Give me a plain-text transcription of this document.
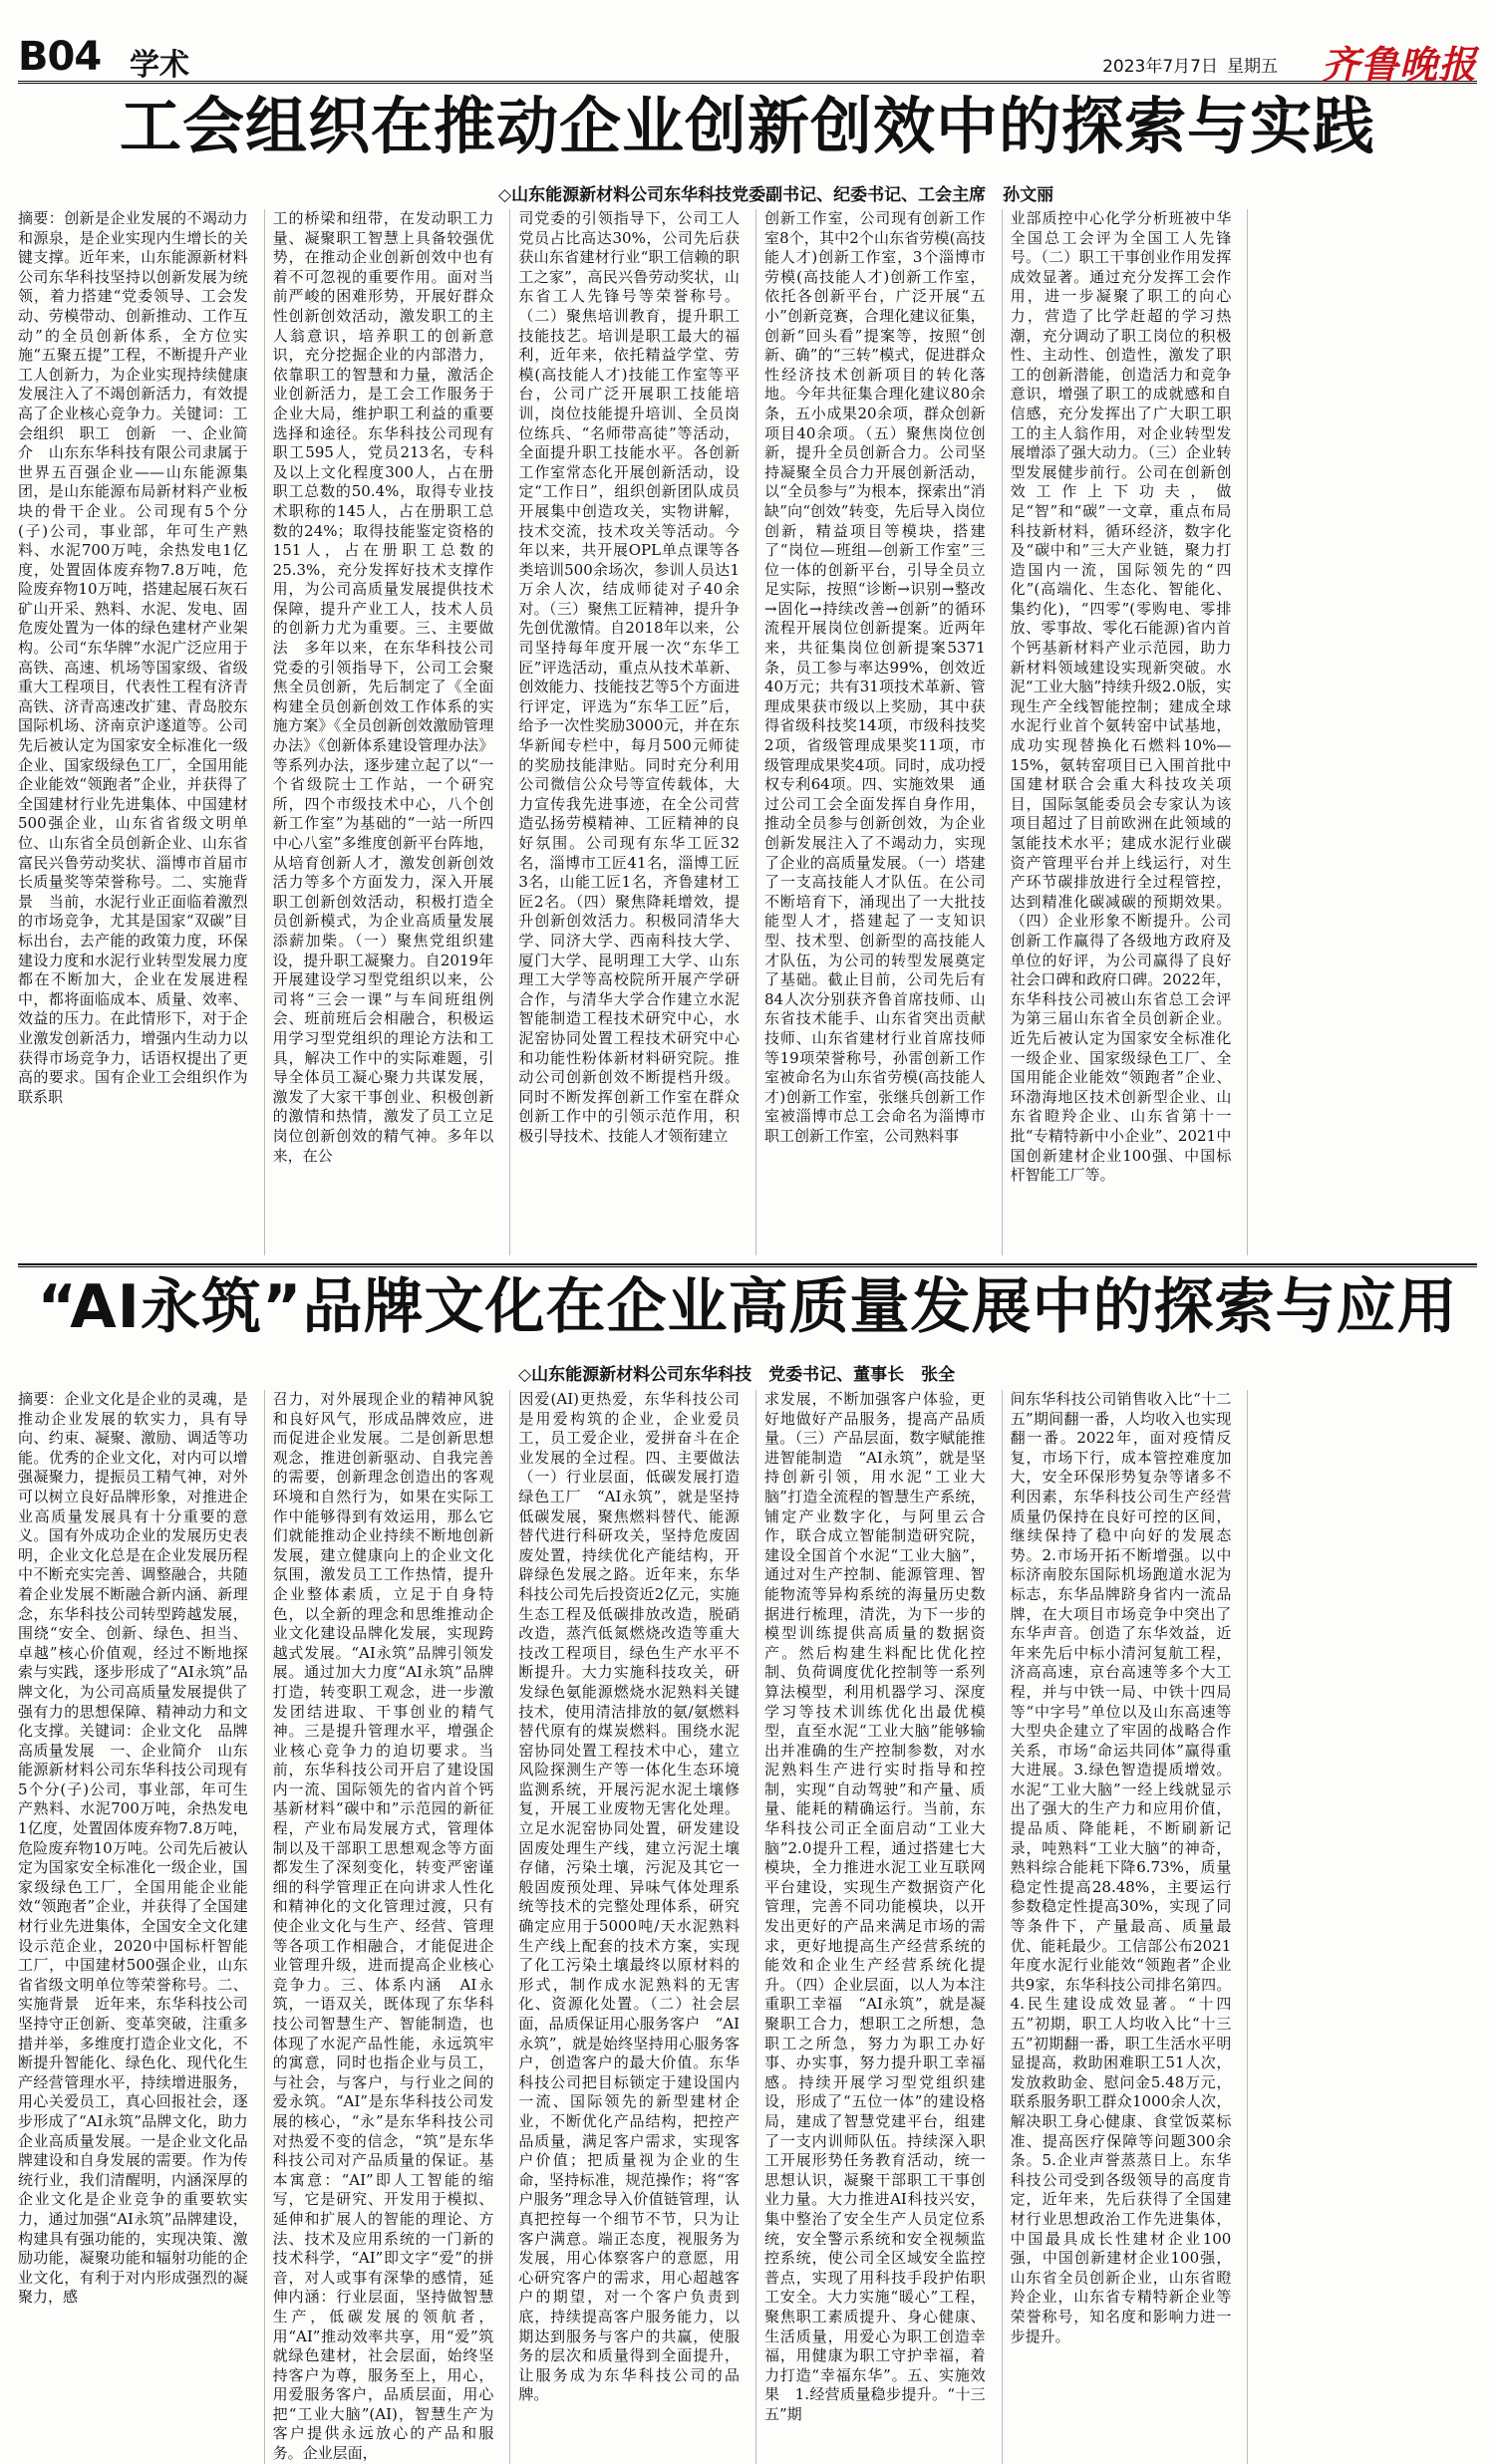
B04 学术	2023年7月7日 星期五 齐鲁晚报
工会组织在推动企业创新创效中的探索与实践
◇山东能源新材料公司东华科技党委副书记、纪委书记、工会主席　孙文丽
摘要：创新是企业发展的不竭动力和源泉，是企业实现内生增长的关键支撑。近年来，山东能源新材料公司东华科技坚持以创新发展为统领，着力搭建“党委领导、工会发动、劳模带动、创新推动、工作互动”的全员创新体系，全方位实施“五聚五提”工程，不断提升产业工人创新力，为企业实现持续健康发展注入了不竭创新活力，有效提高了企业核心竞争力。关键词：工会组织　职工　创新　一、企业简介　山东东华科技有限公司隶属于世界五百强企业——山东能源集团，是山东能源布局新材料产业板块的骨干企业。公司现有5个分(子)公司，事业部，年可生产熟料、水泥700万吨，余热发电1亿度，处置固体废弃物7.8万吨，危险废弃物10万吨，搭建起展石灰石矿山开采、熟料、水泥、发电、固危废处置为一体的绿色建材产业架构。公司“东华牌”水泥广泛应用于高铁、高速、机场等国家级、省级重大工程项目，代表性工程有济青高铁、济青高速改扩建、青岛胶东国际机场、济南京沪遂道等。公司先后被认定为国家安全标准化一级企业、国家级绿色工厂，全国用能企业能效“领跑者”企业，并获得了全国建材行业先进集体、中国建材500强企业，山东省省级文明单位、山东省全员创新企业、山东省富民兴鲁劳动奖状、淄博市首届市长质量奖等荣誉称号。二、实施背景　当前，水泥行业正面临着激烈的市场竞争，尤其是国家“双碳”目标出台，去产能的政策力度，环保建设力度和水泥行业转型发展力度都在不断加大，企业在发展进程中，都将面临成本、质量、效率、效益的压力。在此情形下，对于企业激发创新活力，增强内生动力以获得市场竞争力，话语权提出了更高的要求。国有企业工会组织作为联系职
工的桥梁和纽带，在发动职工力量、凝聚职工智慧上具备较强优势，在推动企业创新创效中也有着不可忽视的重要作用。面对当前严峻的困难形势，开展好群众性创新创效活动，激发职工的主人翁意识，培养职工的创新意识，充分挖掘企业的内部潜力，依靠职工的智慧和力量，激活企业创新活力，是工会工作服务于企业大局，维护职工利益的重要选择和途径。东华科技公司现有职工595人，党员213名，专科及以上文化程度300人，占在册职工总数的50.4%，取得专业技术职称的145人，占在册职工总数的24%；取得技能鉴定资格的151人，占在册职工总数的25.3%，充分发挥好技术支撑作用，为公司高质量发展提供技术保障，提升产业工人，技术人员的创新力尤为重要。三、主要做法　多年以来，在东华科技公司党委的引领指导下，公司工会聚焦全员创新，先后制定了《全面构建全员创新创效工作体系的实施方案》《全员创新创效激励管理办法》《创新体系建设管理办法》等系列办法，逐步建立起了以“一个省级院士工作站，一个研究所，四个市级技术中心，八个创新工作室”为基础的“一站一所四中心八室”多维度创新平台阵地，从培育创新人才，激发创新创效活力等多个方面发力，深入开展职工创新创效活动，积极打造全员创新模式，为企业高质量发展添薪加柴。（一）聚焦党组织建设，提升职工凝聚力。自2019年开展建设学习型党组织以来，公司将“三会一课”与车间班组例会、班前班后会相融合，积极运用学习型党组织的理论方法和工具，解决工作中的实际难题，引导全体员工凝心聚力共谋发展，激发了大家干事创业、积极创新的激情和热情，激发了员工立足岗位创新创效的精气神。多年以来，在公
司党委的引领指导下，公司工人党员占比高达30%，公司先后获获山东省建材行业“职工信赖的职工之家”，高民兴鲁劳动奖状，山东省工人先锋号等荣誉称号。（二）聚焦培训教育，提升职工技能技艺。培训是职工最大的福利，近年来，依托精益学堂、劳模(高技能人才)技能工作室等平台，公司广泛开展职工技能培训，岗位技能提升培训、全员岗位练兵、“名师带高徒”等活动，全面提升职工技能水平。各创新工作室常态化开展创新活动，设定“工作日”，组织创新团队成员开展集中创造攻关，实物讲解，技术交流，技术攻关等活动。今年以来，共开展OPL单点课等各类培训500余场次，参训人员达1万余人次，结成师徒对子40余对。（三）聚焦工匠精神，提升争先创优激情。自2018年以来，公司坚持每年度开展一次“东华工匠”评选活动，重点从技术革新、创效能力、技能技艺等5个方面进行评定，评选为“东华工匠”后，给予一次性奖励3000元，并在东华新闻专栏中，每月500元师徒的奖励技能津贴。同时充分利用公司微信公众号等宣传载体，大力宣传我先进事迹，在全公司营造弘扬劳模精神、工匠精神的良好氛围。公司现有东华工匠32名，淄博市工匠41名，淄博工匠3名，山能工匠1名，齐鲁建材工匠2名。（四）聚焦降耗增效，提升创新创效活力。积极同清华大学、同济大学、西南科技大学、厦门大学、昆明理工大学、山东理工大学等高校院所开展产学研合作，与清华大学合作建立水泥智能制造工程技术研究中心，水泥窑协同处置工程技术研究中心和功能性粉体新材料研究院。推动公司创新创效不断提档升级。同时不断发挥创新工作室在群众创新工作中的引领示范作用，积极引导技术、技能人才领衔建立
创新工作室，公司现有创新工作室8个，其中2个山东省劳模(高技能人才)创新工作室，3个淄博市劳模(高技能人才)创新工作室，依托各创新平台，广泛开展“五小”创新竞赛，合理化建议征集，创新“回头看”提案等，按照“创新、确”的“三转”模式，促进群众性经济技术创新项目的转化落地。今年共征集合理化建议80余条，五小成果20余项，群众创新项目40余项。（五）聚焦岗位创新，提升全员创新合力。公司坚持凝聚全员合力开展创新活动，以“全员参与”为根本，探索出“消缺”向“创效”转变，先后导入岗位创新，精益项目等模块，搭建了“岗位—班组—创新工作室”三位一体的创新平台，引导全员立足实际，按照“诊断→识别→整改→固化→持续改善→创新”的循环流程开展岗位创新提案。近两年来，共征集岗位创新提案5371条，员工参与率达99%，创效近40万元；共有31项技术革新、管理成果获市级以上奖励，其中获得省级科技奖14项，市级科技奖2项，省级管理成果奖11项，市级管理成果奖4项。同时，成功授权专利64项。四、实施效果　通过公司工会全面发挥自身作用，推动全员参与创新创效，为企业创新发展注入了不竭动力，实现了企业的高质量发展。（一）塔建了一支高技能人才队伍。在公司不断培育下，涌现出了一大批技能型人才，搭建起了一支知识型、技术型、创新型的高技能人才队伍，为公司的转型发展奠定了基础。截止目前，公司先后有84人次分别获齐鲁首席技师、山东省技术能手、山东省突出贡献技师、山东省建材行业首席技师等19项荣誉称号，孙雷创新工作室被命名为山东省劳模(高技能人才)创新工作室，张继兵创新工作室被淄博市总工会命名为淄博市职工创新工作室，公司熟料事
业部质控中心化学分析班被中华全国总工会评为全国工人先锋号。（二）职工干事创业作用发挥成效显著。通过充分发挥工会作用，进一步凝聚了职工的向心力，营造了比学赶超的学习热潮，充分调动了职工岗位的积极性、主动性、创造性，激发了职工的创新潜能，创造活力和竞争意识，增强了职工的成就感和自信感，充分发挥出了广大职工职工的主人翁作用，对企业转型发展增添了强大动力。（三）企业转型发展健步前行。公司在创新创效工作上下功夫，做足“智”和“碳”一文章，重点布局科技新材料，循环经济，数字化及“碳中和”三大产业链，聚力打造国内一流，国际领先的“四化”(高端化、生态化、智能化、集约化)，“四零”(零购电、零排放、零事故、零化石能源)省内首个钙基新材料产业示范园，助力新材料领域建设实现新突破。水泥“工业大脑”持续升级2.0版，实现生产全线智能控制；建成全球水泥行业首个氨转窑中试基地，成功实现替换化石燃料10%—15%，氨转窑项目已入围首批中国建材联合会重大科技攻关项目，国际氢能委员会专家认为该项目超过了目前欧洲在此领域的氢能技术水平；建成水泥行业碳资产管理平台并上线运行，对生产环节碳排放进行全过程管控，达到精准化碳减碳的预期效果。（四）企业形象不断提升。公司创新工作赢得了各级地方政府及单位的好评，为公司赢得了良好社会口碑和政府口碑。2022年，东华科技公司被山东省总工会评为第三届山东省全员创新企业。近先后被认定为国家安全标准化一级企业、国家级绿色工厂、全国用能企业能效“领跑者”企业、环渤海地区技术创新型企业、山东省瞪羚企业、山东省第十一批“专精特新中小企业”、2021中国创新建材企业100强、中国标杆智能工厂等。
“AI永筑”品牌文化在企业高质量发展中的探索与应用
◇山东能源新材料公司东华科技　党委书记、董事长　张全
摘要：企业文化是企业的灵魂，是推动企业发展的软实力，具有导向、约束、凝聚、激励、调适等功能。优秀的企业文化，对内可以增强凝聚力，提振员工精气神，对外可以树立良好品牌形象，对推进企业高质量发展具有十分重要的意义。国有外成功企业的发展历史表明，企业文化总是在企业发展历程中不断充实完善、调整融合，共随着企业发展不断融合新内涵、新理念，东华科技公司转型跨越发展，围绕“安全、创新、绿色、担当、卓越”核心价值观，经过不断地探索与实践，逐步形成了“AI永筑”品牌文化，为公司高质量发展提供了强有力的思想保障、精神动力和文化支撑。关键词：企业文化　品牌　高质量发展　一、企业简介　山东能源新材料公司东华科技公司现有5个分(子)公司，事业部，年可生产熟料、水泥700万吨，余热发电1亿度，处置固体废弃物7.8万吨，危险废弃物10万吨。公司先后被认定为国家安全标准化一级企业，国家级绿色工厂，全国用能企业能效“领跑者”企业，并获得了全国建材行业先进集体，全国安全文化建设示范企业，2020中国标杆智能工厂，中国建材500强企业，山东省省级文明单位等荣誉称号。二、实施背景　近年来，东华科技公司坚持守正创新、变革突破，注重多措并举，多维度打造企业文化，不断提升智能化、绿色化、现代化生产经营管理水平，持续增进服务，用心关爱员工，真心回报社会，逐步形成了“AI永筑”品牌文化，助力企业高质量发展。一是企业文化品牌建设和自身发展的需要。作为传统行业，我们清醒明，内涵深厚的企业文化是企业竞争的重要软实力，通过加强“AI永筑”品牌建设，构建具有强功能的，实现决策、激励功能，凝聚功能和辐射功能的企业文化，有利于对内形成强烈的凝聚力，感
召力，对外展现企业的精神风貌和良好风气，形成品牌效应，进而促进企业发展。二是创新思想观念，推进创新驱动、自我完善的需要，创新理念创造出的客观环境和自然行为，如果在实际工作中能够得到有效运用，那么它们就能推动企业持续不断地创新发展，建立健康向上的企业文化氛围，激发员工工作热情，提升企业整体素质，立足于自身特色，以全新的理念和思维推动企业文化建设品牌化发展，实现跨越式发展。“AI永筑”品牌引领发展。通过加大力度“AI永筑”品牌打造，转变职工观念，进一步激发团结进取、干事创业的精气神。三是提升管理水平，增强企业核心竞争力的迫切要求。当前，东华科技公司开启了建设国内一流、国际领先的省内首个钙基新材料“碳中和”示范园的新征程，产业布局发展方式，管理体制以及干部职工思想观念等方面都发生了深刻变化，转变严密谨细的科学管理正在向讲求人性化和精神化的文化管理过渡，只有使企业文化与生产、经营、管理等各项工作相融合，才能促进企业管理升级，进而提高企业核心竞争力。三、体系内涵　AI永筑，一语双关，既体现了东华科技公司智慧生产、智能制造，也体现了水泥产品性能，永远筑牢的寓意，同时也指企业与员工，与社会，与客户，与行业之间的爱永筑。“AI”是东华科技公司发展的核心，“永”是东华科技公司对热爱不变的信念，“筑”是东华科技公司对产品质量的保证。基本寓意：“AI”即人工智能的缩写，它是研究、开发用于模拟、延伸和扩展人的智能的理论、方法、技术及应用系统的一门新的技术科学，“AI”即文字“爱”的拼音，对人或事有深挚的感情，延伸内涵：行业层面，坚持做智慧生产，低碳发展的领航者，用“AI”推动效率共享，用“爱”筑就绿色建材，社会层面，始终坚持客户为尊，服务至上，用心，用爱服务客户，品质层面，用心把“工业大脑”(AI)，智慧生产为客户提供永远放心的产品和服务。企业层面，
因爱(AI)更热爱，东华科技公司是用爱构筑的企业，企业爱员工，员工爱企业，爱拼奋斗在企业发展的全过程。四、主要做法　（一）行业层面，低碳发展打造绿色工厂　“AI永筑”，就是坚持低碳发展，聚焦燃料替代、能源替代进行科研攻关，坚持危废固废处置，持续优化产能结构，开辟绿色发展之路。近年来，东华科技公司先后投资近2亿元，实施生态工程及低碳排放改造，脱硝改造，蒸汽低氮燃烧改造等重大技改工程项目，绿色生产水平不断提升。大力实施科技攻关，研发绿色氨能源燃烧水泥熟料关键技术，使用清洁排放的氨/氨燃料替代原有的煤炭燃料。围绕水泥窑协同处置工程技术中心，建立风险探测生产等一体化生态环境监测系统，开展污泥水泥土壤修复，开展工业废物无害化处理。立足水泥窑协同处置，研发建设固废处理生产线，建立污泥土壤存储，污染土壤，污泥及其它一般固废预处理、异味气体处理系统等技术的完整处理体系，研究确定应用于5000吨/天水泥熟料生产线上配套的技术方案，实现了化工污染土壤最终以原材料的形式，制作成水泥熟料的无害化、资源化处置。（二）社会层面，品质保证用心服务客户　“AI永筑”，就是始终坚持用心服务客户，创造客户的最大价值。东华科技公司把目标锁定于建设国内一流、国际领先的新型建材企业，不断优化产品结构，把控产品质量，满足客户需求，实现客户价值；把质量视为企业的生命，坚持标准，规范操作；将“客户服务”理念导入价值链管理，认真把控每一个细节不节，只为让客户满意。端正态度，视服务为发展，用心体察客户的意愿，用心研究客户的需求，用心超越客户的期望，对一个客户负责到底，持续提高客户服务能力，以期达到服务与客户的共赢，使服务的层次和质量得到全面提升，让服务成为东华科技公司的品牌。
求发展，不断加强客户体验，更好地做好产品服务，提高产品质量。（三）产品层面，数字赋能推进智能制造　“AI永筑”，就是坚持创新引领，用水泥“工业大脑”打造全流程的智慧生产系统，铺定产业数字化，与阿里云合作，联合成立智能制造研究院，建设全国首个水泥“工业大脑”，通过对生产控制、能源管理、智能物流等异构系统的海量历史数据进行梳理，清洗，为下一步的模型训练提供高质量的数据资产。然后构建生料配比优化控制、负荷调度优化控制等一系列算法模型，利用机器学习、深度学习等技术训练优化出最优模型，直至水泥“工业大脑”能够输出并准确的生产控制参数，对水泥熟料生产进行实时指导和控制，实现“自动驾驶”和产量、质量、能耗的精确运行。当前，东华科技公司正全面启动“工业大脑”2.0提升工程，通过搭建七大模块，全力推进水泥工业互联网平台建设，实现生产数据资产化管理，完善不同功能模块，以开发出更好的产品来满足市场的需求，更好地提高生产经营系统的能效和企业生产经营系统化提升。（四）企业层面，以人为本注重职工幸福　“AI永筑”，就是凝聚职工合力，想职工之所想，急职工之所急，努力为职工办好事、办实事，努力提升职工幸福感。持续开展学习型党组织建设，形成了“五位一体”的建设格局，建成了智慧党建平台，组建了一支内训师队伍。持续深入职工开展形势任务教育活动，统一思想认识，凝聚干部职工干事创业力量。大力推进AI科技兴安，集中整治了安全生产人员定位系统，安全警示系统和安全视频监控系统，使公司全区域安全监控普点，实现了用科技手段护佑职工安全。大力实施“暖心”工程，聚焦职工素质提升、身心健康、生活质量，用爱心为职工创造幸福，用健康为职工守护幸福，着力打造“幸福东华”。五、实施效果　1.经营质量稳步提升。“十三五”期
间东华科技公司销售收入比“十二五”期间翻一番，人均收入也实现翻一番。2022年，面对疫情反复，市场下行，成本管控难度加大，安全环保形势复杂等诸多不利因素，东华科技公司生产经营质量仍保持在良好可控的区间，继续保持了稳中向好的发展态势。2.市场开拓不断增强。以中标济南胶东国际机场跑道水泥为标志，东华品牌跻身省内一流品牌，在大项目市场竞争中突出了东华声音。创造了东华效益，近年来先后中标小清河复航工程，济高高速，京台高速等多个大工程，并与中铁一局、中铁十四局等“中字号”单位以及山东高速等大型央企建立了牢固的战略合作关系，市场“命运共同体”赢得重大进展。3.绿色智造提质增效。水泥“工业大脑”一经上线就显示出了强大的生产力和应用价值，提品质、降能耗，不断刷新记录，吨熟料“工业大脑”的神奇，熟料综合能耗下降6.73%，质量稳定性提高28.48%，主要运行参数稳定性提高30%，实现了同等条件下，产量最高、质量最优、能耗最少。工信部公布2021年度水泥行业能效“领跑者”企业共9家，东华科技公司排名第四。4.民生建设成效显著。“十四五”初期，职工人均收入比“十三五”初期翻一番，职工生活水平明显提高，救助困难职工51人次，发放救助金、慰问金5.48万元，联系服务职工群众1000余人次，解决职工身心健康、食堂饭菜标准、提高医疗保障等问题300余条。5.企业声誉蒸蒸日上。东华科技公司受到各级领导的高度肯定，近年来，先后获得了全国建材行业思想政治工作先进集体，中国最具成长性建材企业100强，中国创新建材企业100强，山东省全员创新企业，山东省瞪羚企业，山东省专精特新企业等荣誉称号，知名度和影响力进一步提升。
